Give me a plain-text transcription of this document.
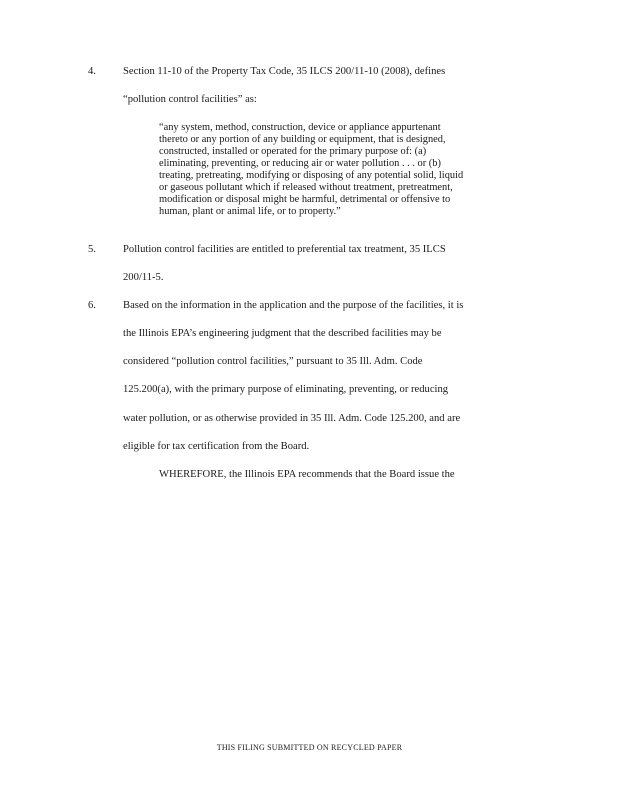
4.	Section 11-10 of the Property Tax Code, 35 ILCS 200/11-10 (2008), defines
“pollution control facilities” as:
“any system, method, construction, device or appliance appurtenant
thereto or any portion of any building or equipment, that is designed,
constructed, installed or operated for the primary purpose of: (a)
eliminating, preventing, or reducing air or water pollution . . . or (b)
treating, pretreating, modifying or disposing of any potential solid, liquid
or gaseous pollutant which if released without treatment, pretreatment,
modification or disposal might be harmful, detrimental or offensive to
human, plant or animal life, or to property.”
5.	Pollution control facilities are entitled to preferential tax treatment, 35 ILCS
200/11-5.
6.	Based on the information in the application and the purpose of the facilities, it is
the Illinois EPA’s engineering judgment that the described facilities may be
considered “pollution control facilities,” pursuant to 35 Ill. Adm. Code
125.200(a), with the primary purpose of eliminating, preventing, or reducing
water pollution, or as otherwise provided in 35 Ill. Adm. Code 125.200, and are
eligible for tax certification from the Board.
WHEREFORE, the Illinois EPA recommends that the Board issue the
THIS FILING SUBMITTED ON RECYCLED PAPER
